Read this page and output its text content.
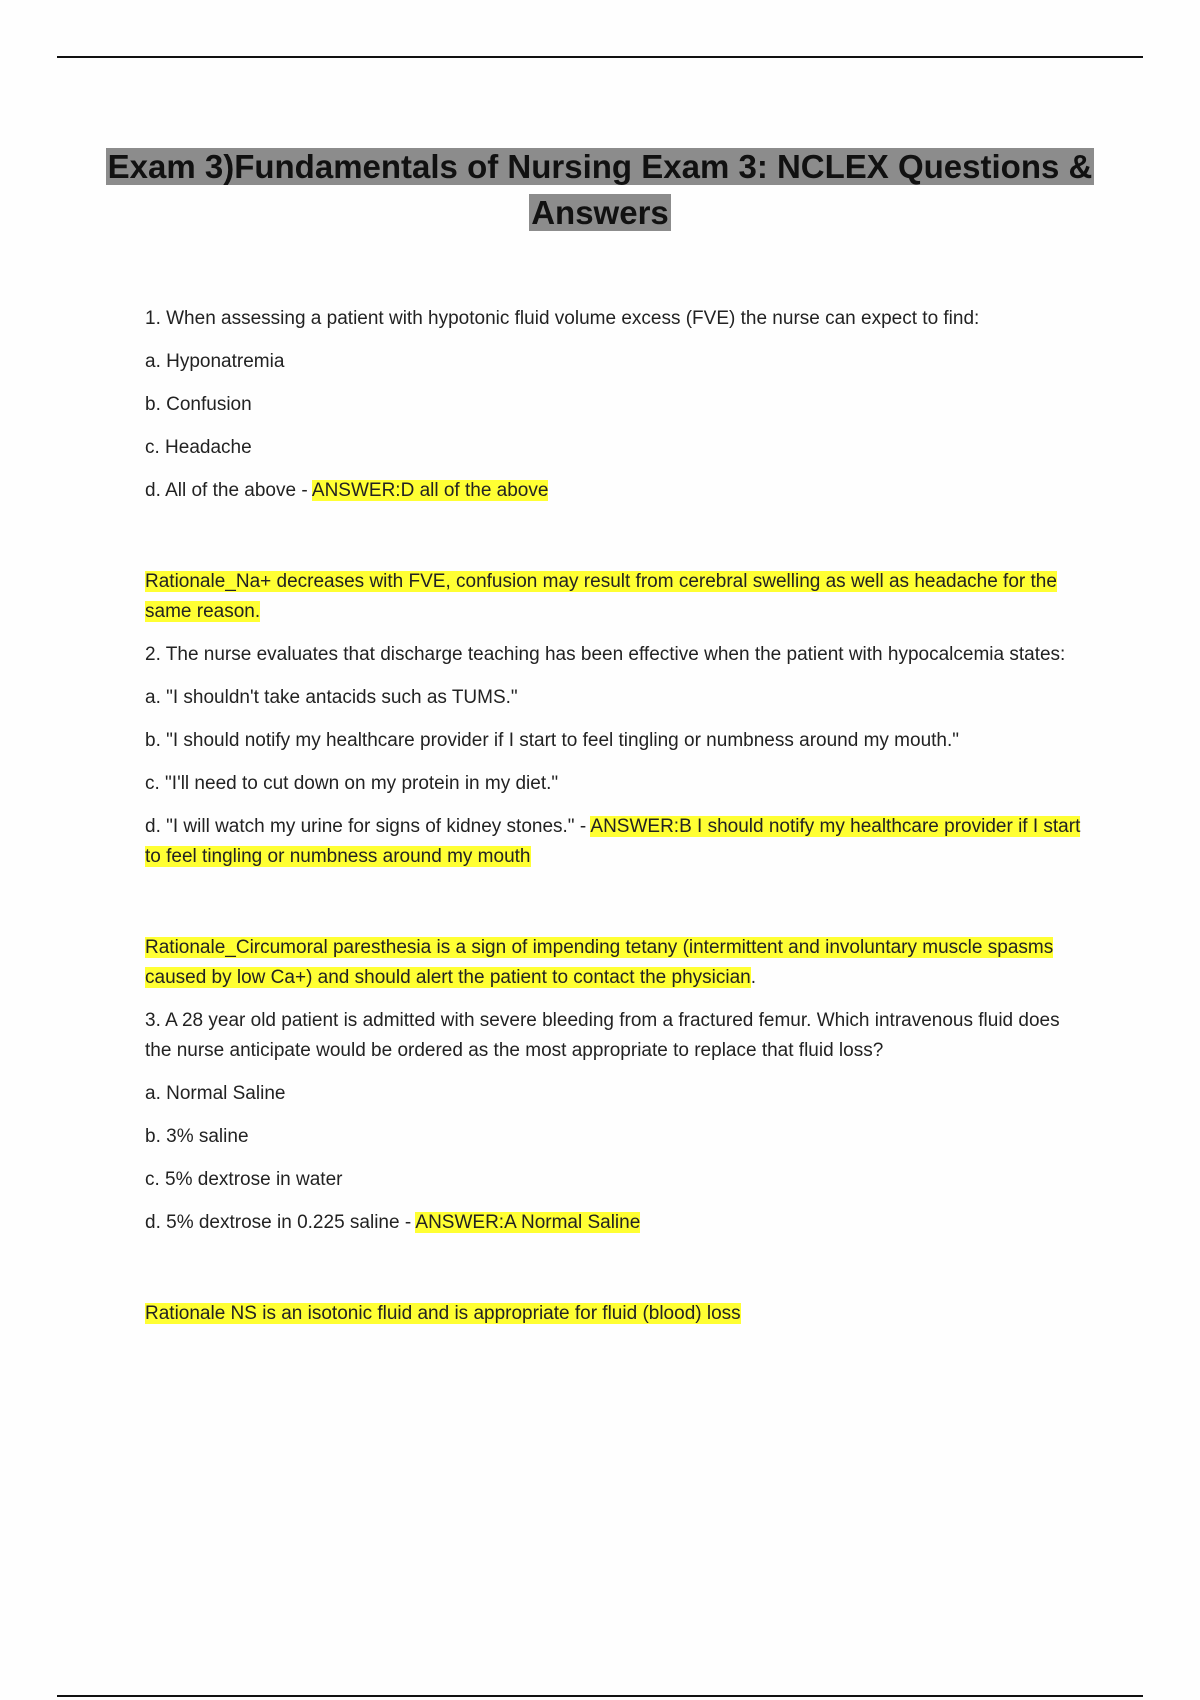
Exam 3)Fundamentals of Nursing Exam 3: NCLEX Questions & Answers

1. When assessing a patient with hypotonic fluid volume excess (FVE) the nurse can expect to find:

a. Hyponatremia

b. Confusion

c. Headache

d. All of the above - ANSWER:D all of the above

Rationale_Na+ decreases with FVE, confusion may result from cerebral swelling as well as headache for the same reason.

2. The nurse evaluates that discharge teaching has been effective when the patient with hypocalcemia states:

a. "I shouldn't take antacids such as TUMS."

b. "I should notify my healthcare provider if I start to feel tingling or numbness around my mouth."

c. "I'll need to cut down on my protein in my diet."

d. "I will watch my urine for signs of kidney stones." - ANSWER:B I should notify my healthcare provider if I start to feel tingling or numbness around my mouth

Rationale_Circumoral paresthesia is a sign of impending tetany (intermittent and involuntary muscle spasms caused by low Ca+) and should alert the patient to contact the physician.

3. A 28 year old patient is admitted with severe bleeding from a fractured femur. Which intravenous fluid does the nurse anticipate would be ordered as the most appropriate to replace that fluid loss?

a. Normal Saline

b. 3% saline

c. 5% dextrose in water

d. 5% dextrose in 0.225 saline - ANSWER:A Normal Saline

Rationale NS is an isotonic fluid and is appropriate for fluid (blood) loss
